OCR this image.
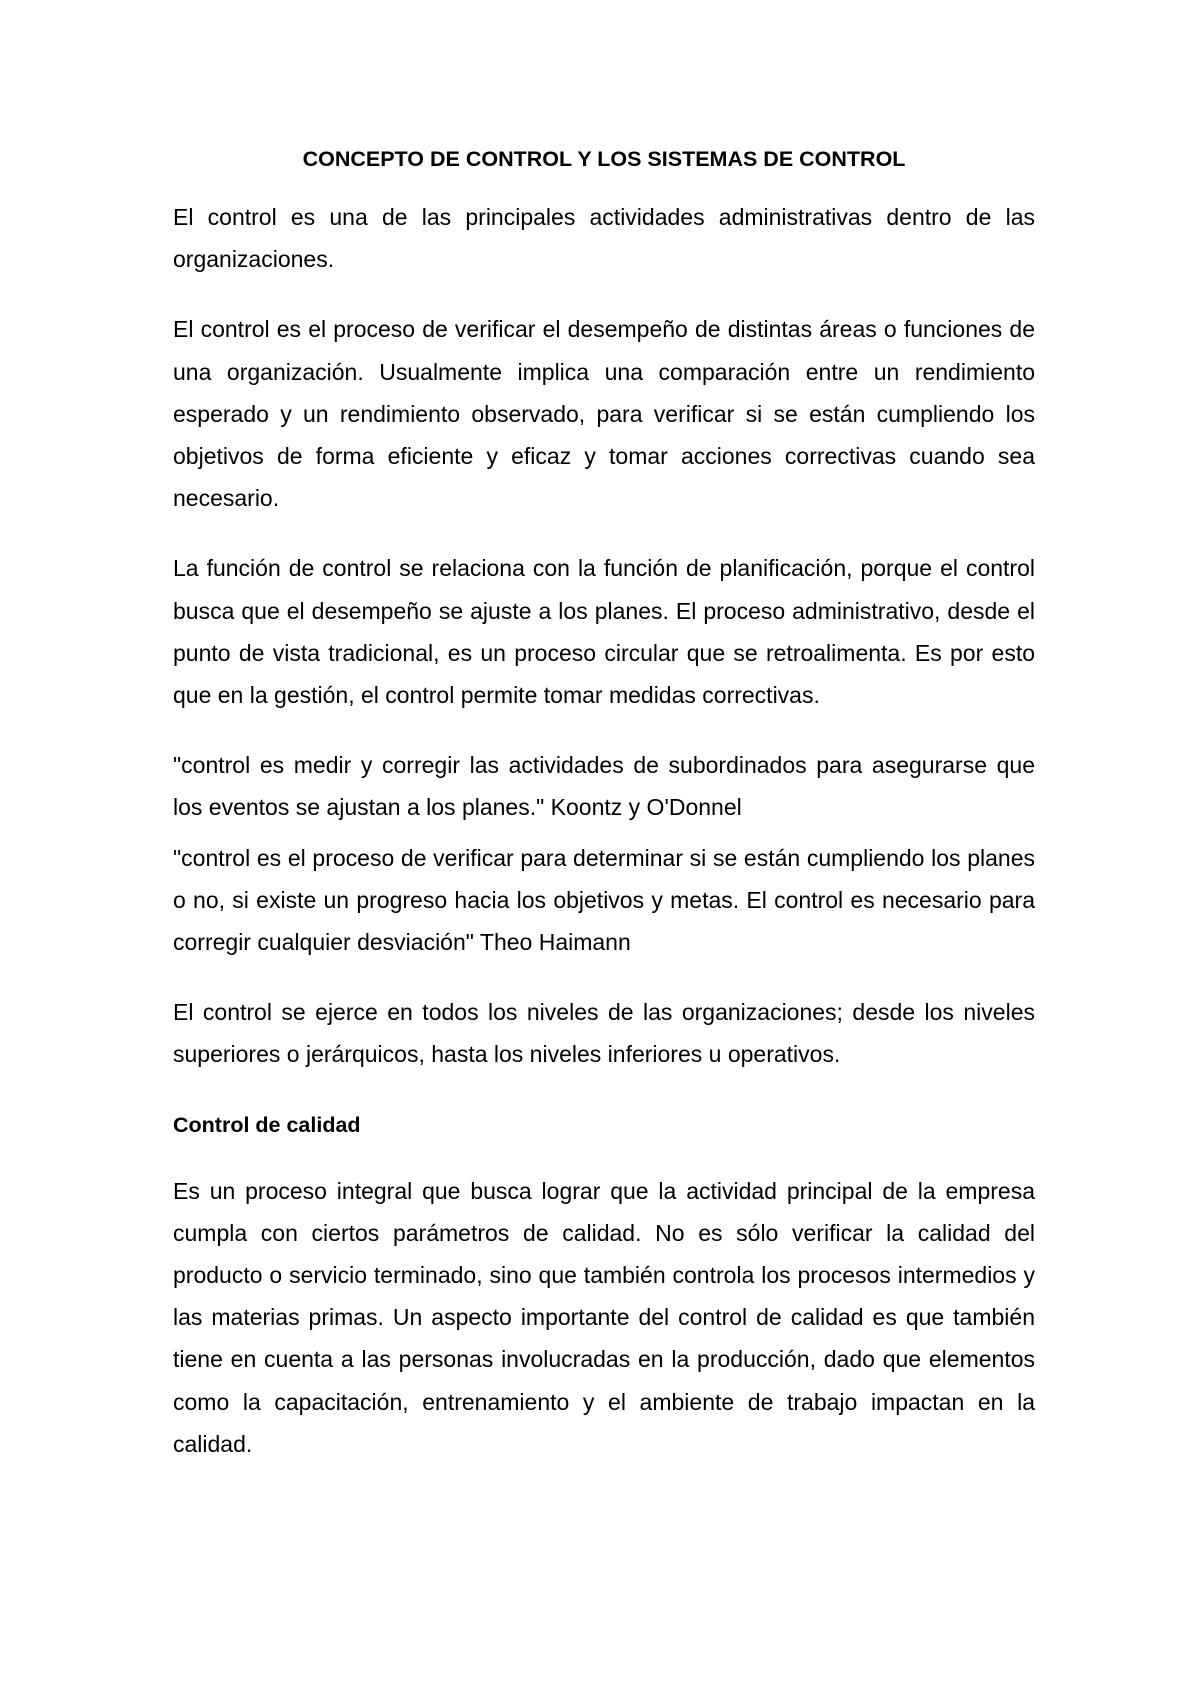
CONCEPTO DE CONTROL Y LOS SISTEMAS DE CONTROL

El control es una de las principales actividades administrativas dentro de las organizaciones.

El control es el proceso de verificar el desempeño de distintas áreas o funciones de una organización. Usualmente implica una comparación entre un rendimiento esperado y un rendimiento observado, para verificar si se están cumpliendo los objetivos de forma eficiente y eficaz y tomar acciones correctivas cuando sea necesario.

La función de control se relaciona con la función de planificación, porque el control busca que el desempeño se ajuste a los planes. El proceso administrativo, desde el punto de vista tradicional, es un proceso circular que se retroalimenta. Es por esto que en la gestión, el control permite tomar medidas correctivas.

"control es medir y corregir las actividades de subordinados para asegurarse que los eventos se ajustan a los planes." Koontz y O'Donnel

"control es el proceso de verificar para determinar si se están cumpliendo los planes o no, si existe un progreso hacia los objetivos y metas. El control es necesario para corregir cualquier desviación" Theo Haimann

El control se ejerce en todos los niveles de las organizaciones; desde los niveles superiores o jerárquicos, hasta los niveles inferiores u operativos.

Control de calidad

Es un proceso integral que busca lograr que la actividad principal de la empresa cumpla con ciertos parámetros de calidad. No es sólo verificar la calidad del producto o servicio terminado, sino que también controla los procesos intermedios y las materias primas. Un aspecto importante del control de calidad es que también tiene en cuenta a las personas involucradas en la producción, dado que elementos como la capacitación, entrenamiento y el ambiente de trabajo impactan en la calidad.
